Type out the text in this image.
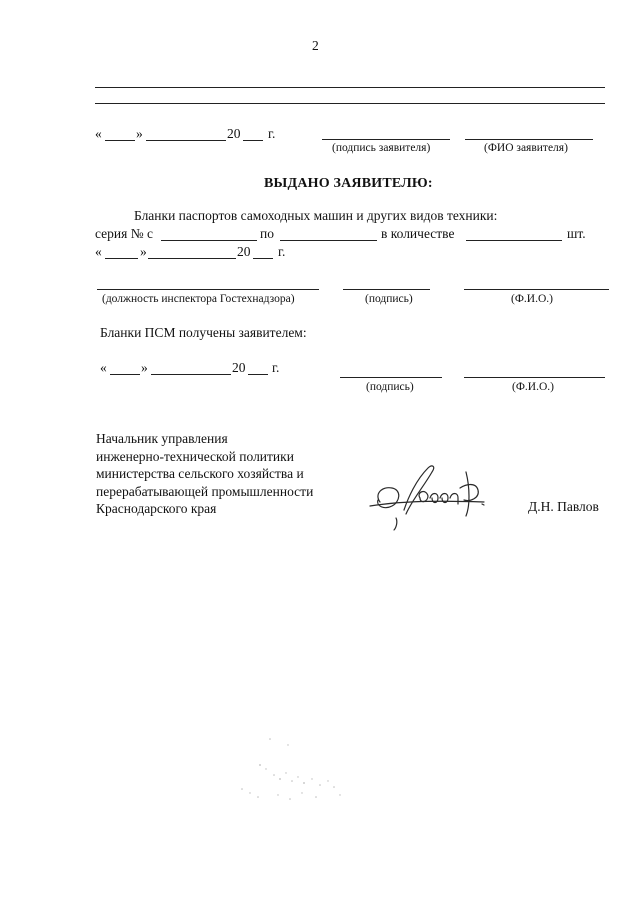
2
«	»	20 г.
(подпись заявителя)	(ФИО заявителя)
ВЫДАНО ЗАЯВИТЕЛЮ:
Бланки паспортов самоходных машин и других видов техники:
серия № с	по	в количестве	шт.
«	»	20 г.
(должность инспектора Гостехнадзора)	(подпись)	(Ф.И.О.)
Бланки ПСМ получены заявителем:
«	»	20 г.
(подпись)	(Ф.И.О.)
Начальник управления
инженерно-технической политики
министерства сельского хозяйства и
перерабатывающей промышленности
Краснодарского края	Д.Н. Павлов
